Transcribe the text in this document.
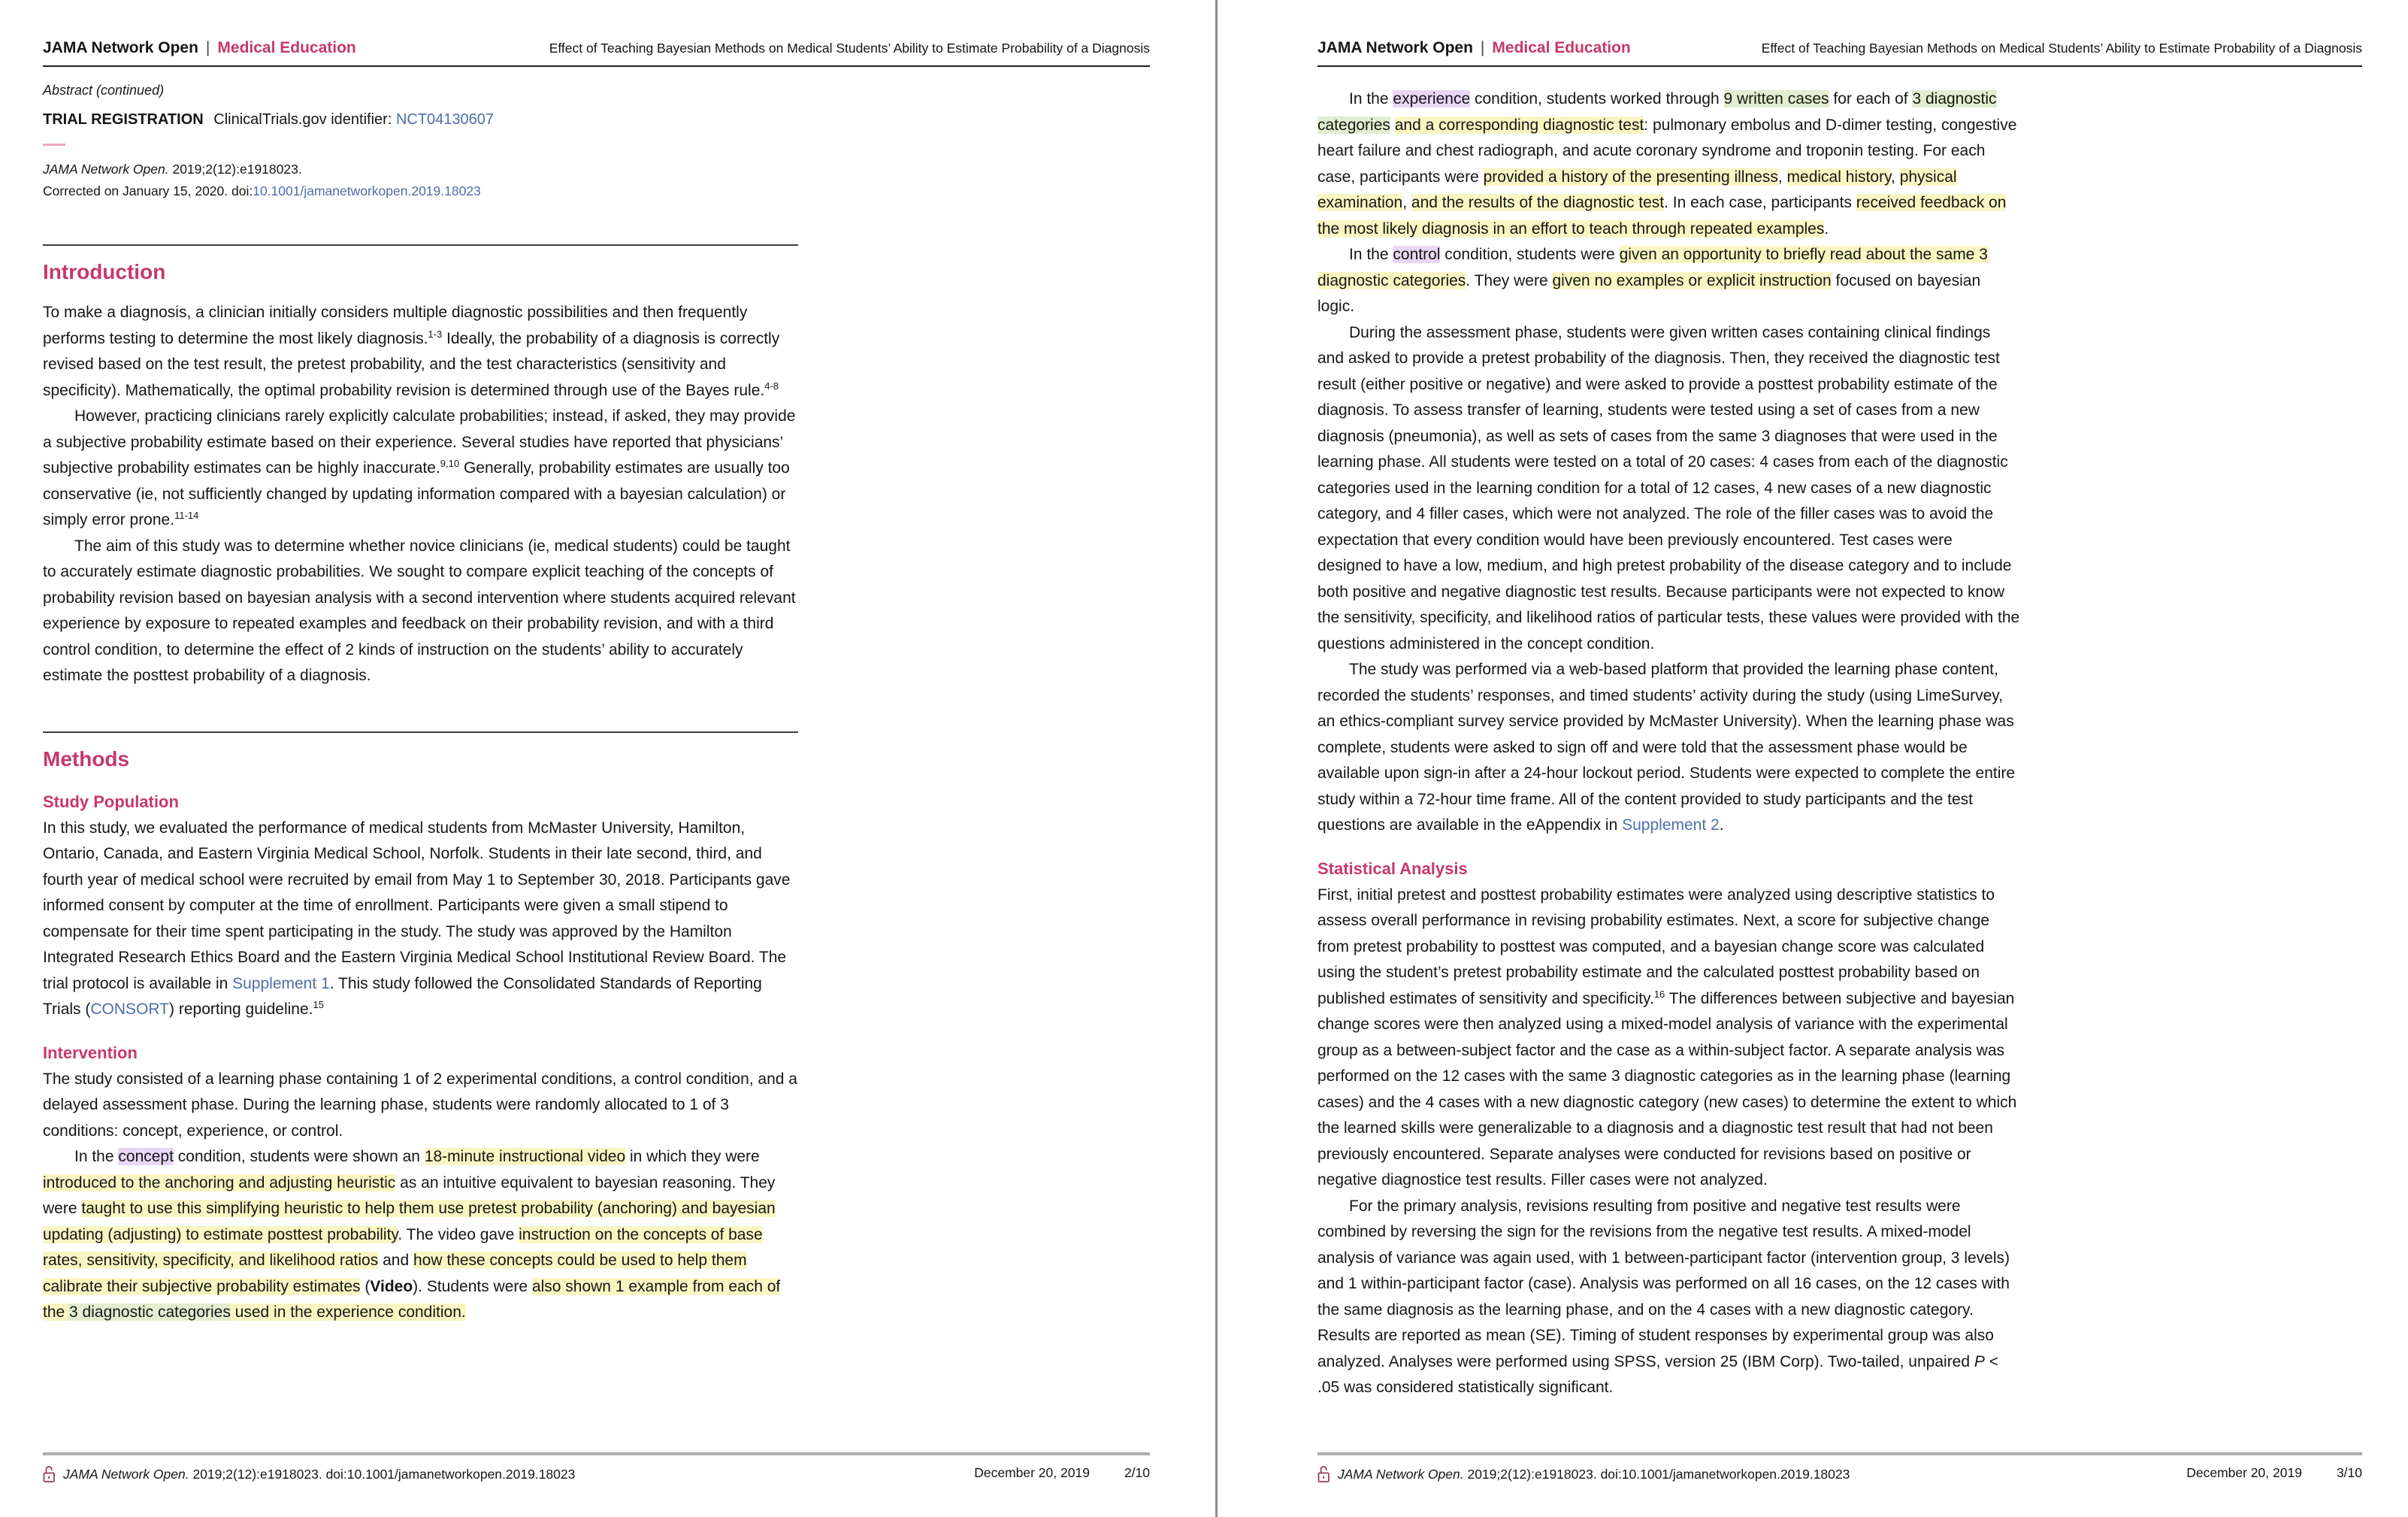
JAMA Network Open | Medical Education	Effect of Teaching Bayesian Methods on Medical Students’ Ability to Estimate Probability of a Diagnosis
Abstract (continued)
TRIAL REGISTRATION ClinicalTrials.gov identifier: NCT04130607
JAMA Network Open. 2019;2(12):e1918023.
Corrected on January 15, 2020. doi:10.1001/jamanetworkopen.2019.18023
Introduction

To make a diagnosis, a clinician initially considers multiple diagnostic possibilities and then frequently performs testing to determine the most likely diagnosis.$^{1-3}$ Ideally, the probability of a diagnosis is correctly revised based on the test result, the pretest probability, and the test characteristics (sensitivity and specificity). Mathematically, the optimal probability revision is determined through use of the Bayes rule.$^{4-8}$

However, practicing clinicians rarely explicitly calculate probabilities; instead, if asked, they may provide a subjective probability estimate based on their experience. Several studies have reported that physicians’ subjective probability estimates can be highly inaccurate.$^{9,10}$ Generally, probability estimates are usually too conservative (ie, not sufficiently changed by updating information compared with a bayesian calculation) or simply error prone.$^{11-14}$

The aim of this study was to determine whether novice clinicians (ie, medical students) could be taught to accurately estimate diagnostic probabilities. We sought to compare explicit teaching of the concepts of probability revision based on bayesian analysis with a second intervention where students acquired relevant experience by exposure to repeated examples and feedback on their probability revision, and with a third control condition, to determine the effect of 2 kinds of instruction on the students’ ability to accurately estimate the posttest probability of a diagnosis.

Methods
Study Population

In this study, we evaluated the performance of medical students from McMaster University, Hamilton, Ontario, Canada, and Eastern Virginia Medical School, Norfolk. Students in their late second, third, and fourth year of medical school were recruited by email from May 1 to September 30, 2018. Participants gave informed consent by computer at the time of enrollment. Participants were given a small stipend to compensate for their time spent participating in the study. The study was approved by the Hamilton Integrated Research Ethics Board and the Eastern Virginia Medical School Institutional Review Board. The trial protocol is available in Supplement 1. This study followed the Consolidated Standards of Reporting Trials (CONSORT) reporting guideline.$^{15}$

Intervention

The study consisted of a learning phase containing 1 of 2 experimental conditions, a control condition, and a delayed assessment phase. During the learning phase, students were randomly allocated to 1 of 3 conditions: concept, experience, or control.

In the concept condition, students were shown an 18-minute instructional video in which they were introduced to the anchoring and adjusting heuristic as an intuitive equivalent to bayesian reasoning. They were taught to use this simplifying heuristic to help them use pretest probability (anchoring) and bayesian updating (adjusting) to estimate posttest probability. The video gave instruction on the concepts of base rates, sensitivity, specificity, and likelihood ratios and how these concepts could be used to help them calibrate their subjective probability estimates (Video). Students were also shown 1 example from each of the 3 diagnostic categories used in the experience condition.

JAMA Network Open. 2019;2(12):e1918023. doi:10.1001/jamanetworkopen.2019.18023	December 20, 2019	2/10
JAMA Network Open | Medical Education	Effect of Teaching Bayesian Methods on Medical Students’ Ability to Estimate Probability of a Diagnosis

In the experience condition, students worked through 9 written cases for each of 3 diagnostic categories and a corresponding diagnostic test: pulmonary embolus and D-dimer testing, congestive heart failure and chest radiograph, and acute coronary syndrome and troponin testing. For each case, participants were provided a history of the presenting illness, medical history, physical examination, and the results of the diagnostic test. In each case, participants received feedback on the most likely diagnosis in an effort to teach through repeated examples.

In the control condition, students were given an opportunity to briefly read about the same 3 diagnostic categories. They were given no examples or explicit instruction focused on bayesian logic.

During the assessment phase, students were given written cases containing clinical findings and asked to provide a pretest probability of the diagnosis. Then, they received the diagnostic test result (either positive or negative) and were asked to provide a posttest probability estimate of the diagnosis. To assess transfer of learning, students were tested using a set of cases from a new diagnosis (pneumonia), as well as sets of cases from the same 3 diagnoses that were used in the learning phase. All students were tested on a total of 20 cases: 4 cases from each of the diagnostic categories used in the learning condition for a total of 12 cases, 4 new cases of a new diagnostic category, and 4 filler cases, which were not analyzed. The role of the filler cases was to avoid the expectation that every condition would have been previously encountered. Test cases were designed to have a low, medium, and high pretest probability of the disease category and to include both positive and negative diagnostic test results. Because participants were not expected to know the sensitivity, specificity, and likelihood ratios of particular tests, these values were provided with the questions administered in the concept condition.

The study was performed via a web-based platform that provided the learning phase content, recorded the students’ responses, and timed students’ activity during the study (using LimeSurvey, an ethics-compliant survey service provided by McMaster University). When the learning phase was complete, students were asked to sign off and were told that the assessment phase would be available upon sign-in after a 24-hour lockout period. Students were expected to complete the entire study within a 72-hour time frame. All of the content provided to study participants and the test questions are available in the eAppendix in Supplement 2.

Statistical Analysis

First, initial pretest and posttest probability estimates were analyzed using descriptive statistics to assess overall performance in revising probability estimates. Next, a score for subjective change from pretest probability to posttest was computed, and a bayesian change score was calculated using the student’s pretest probability estimate and the calculated posttest probability based on published estimates of sensitivity and specificity.$^{16}$ The differences between subjective and bayesian change scores were then analyzed using a mixed-model analysis of variance with the experimental group as a between-subject factor and the case as a within-subject factor. A separate analysis was performed on the 12 cases with the same 3 diagnostic categories as in the learning phase (learning cases) and the 4 cases with a new diagnostic category (new cases) to determine the extent to which the learned skills were generalizable to a diagnosis and a diagnostic test result that had not been previously encountered. Separate analyses were conducted for revisions based on positive or negative diagnostice test results. Filler cases were not analyzed.

For the primary analysis, revisions resulting from positive and negative test results were combined by reversing the sign for the revisions from the negative test results. A mixed-model analysis of variance was again used, with 1 between-participant factor (intervention group, 3 levels) and 1 within-participant factor (case). Analysis was performed on all 16 cases, on the 12 cases with the same diagnosis as the learning phase, and on the 4 cases with a new diagnostic category. Results are reported as mean (SE). Timing of student responses by experimental group was also analyzed. Analyses were performed using SPSS, version 25 (IBM Corp). Two-tailed, unpaired P < .05 was considered statistically significant.

JAMA Network Open. 2019;2(12):e1918023. doi:10.1001/jamanetworkopen.2019.18023	December 20, 2019	3/10
